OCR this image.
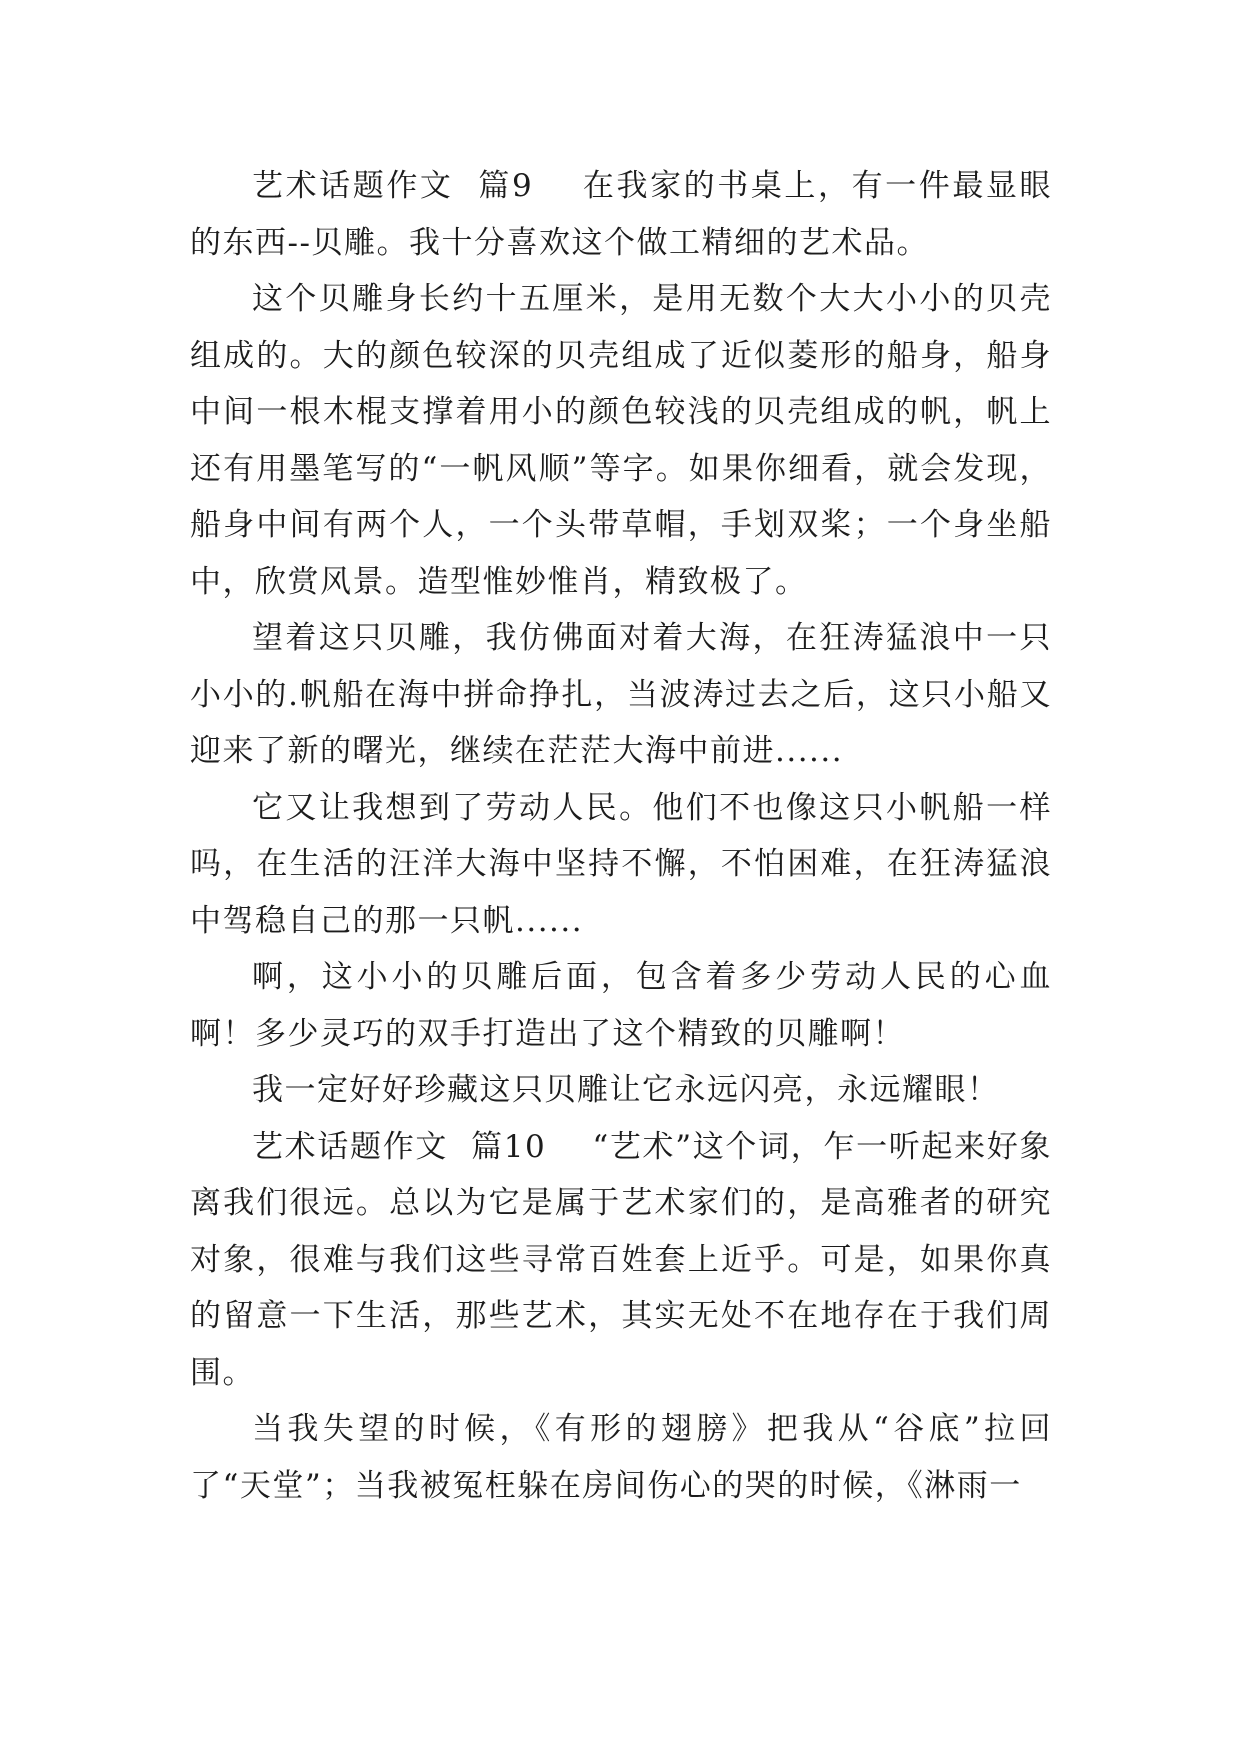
艺术话题作文  篇9    在我家的书桌上，有一件最显眼的东西--贝雕。我十分喜欢这个做工精细的艺术品。

这个贝雕身长约十五厘米，是用无数个大大小小的贝壳组成的。大的颜色较深的贝壳组成了近似菱形的船身，船身中间一根木棍支撑着用小的颜色较浅的贝壳组成的帆，帆上还有用墨笔写的“一帆风顺”等字。如果你细看，就会发现，船身中间有两个人，一个头带草帽，手划双桨；一个身坐船中，欣赏风景。造型惟妙惟肖，精致极了。

望着这只贝雕，我仿佛面对着大海，在狂涛猛浪中一只小小的.帆船在海中拼命挣扎，当波涛过去之后，这只小船又迎来了新的曙光，继续在茫茫大海中前进......

它又让我想到了劳动人民。他们不也像这只小帆船一样吗，在生活的汪洋大海中坚持不懈，不怕困难，在狂涛猛浪中驾稳自己的那一只帆......

啊，这小小的贝雕后面，包含着多少劳动人民的心血啊！多少灵巧的双手打造出了这个精致的贝雕啊！

我一定好好珍藏这只贝雕让它永远闪亮，永远耀眼！

艺术话题作文  篇10    “艺术”这个词，乍一听起来好象离我们很远。总以为它是属于艺术家们的，是高雅者的研究对象，很难与我们这些寻常百姓套上近乎。可是，如果你真的留意一下生活，那些艺术，其实无处不在地存在于我们周围。

当我失望的时候，《有形的翅膀》把我从“谷底”拉回了“天堂”；当我被冤枉躲在房间伤心的哭的时候，《淋雨一
